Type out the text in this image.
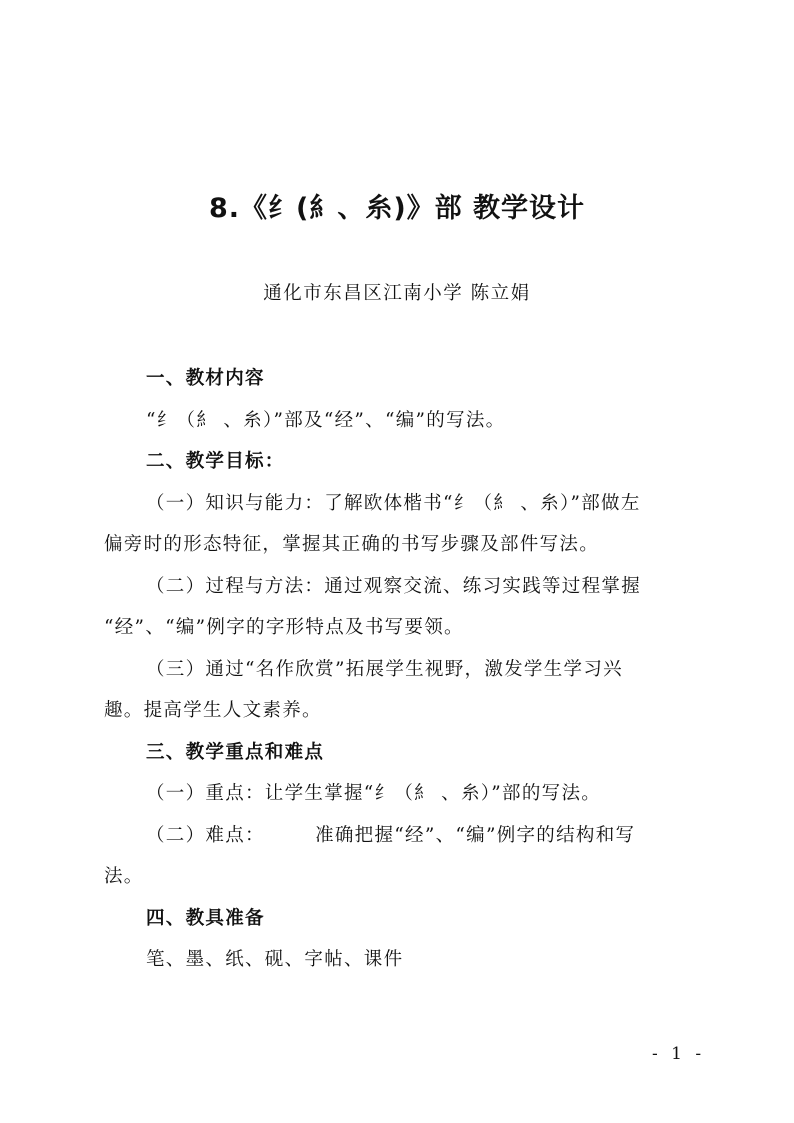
8.《纟(糹、糸)》部 教学设计
通化市东昌区江南小学 陈立娟
一、教材内容
“纟（糹 、糸）”部及“经”、“编”的写法。
二、教学目标：
（一）知识与能力：了解欧体楷书“纟（糹 、糸）”部做左
偏旁时的形态特征，掌握其正确的书写步骤及部件写法。
（二）过程与方法：通过观察交流、练习实践等过程掌握
“经”、“编”例字的字形特点及书写要领。
（三）通过“名作欣赏”拓展学生视野，激发学生学习兴
趣。提高学生人文素养。
三、教学重点和难点
（一）重点：让学生掌握“纟（糹 、糸）”部的写法。
（二）难点：       准确把握“经”、“编”例字的结构和写
法。
四、教具准备
笔、墨、纸、砚、字帖、课件
- 1 -
